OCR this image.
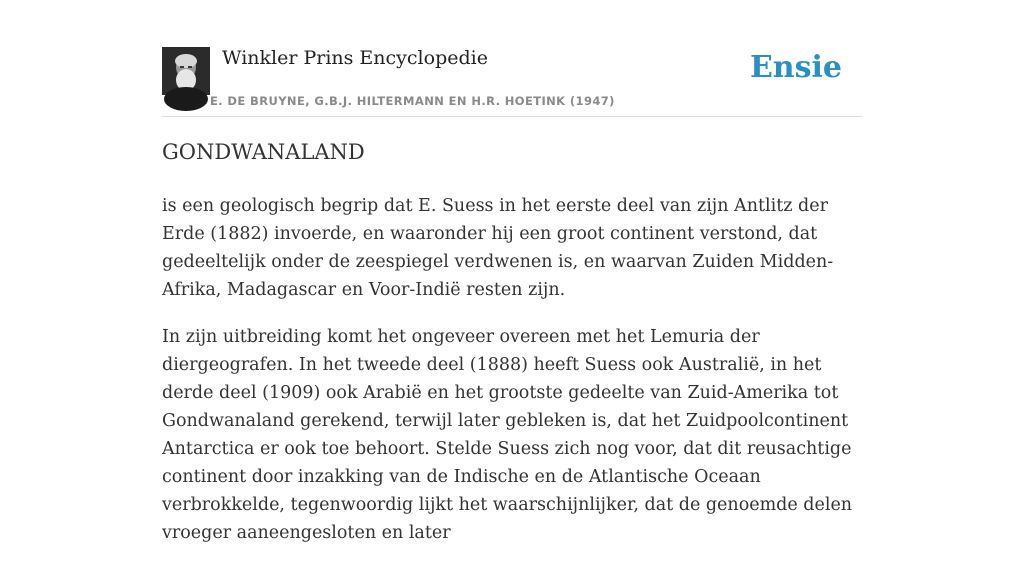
Winkler Prins Encyclopedie
E. DE BRUYNE, G.B.J. HILTERMANN EN H.R. HOETINK (1947)
Ensie
GONDWANALAND

is een geologisch begrip dat E. Suess in het eerste deel van zijn Antlitz der Erde (1882) invoerde, en waaronder hij een groot continent verstond, dat gedeeltelijk onder de zeespiegel verdwenen is, en waarvan Zuiden Midden-Afrika, Madagascar en Voor-Indië resten zijn.

In zijn uitbreiding komt het ongeveer overeen met het Lemuria der diergeografen. In het tweede deel (1888) heeft Suess ook Australië, in het derde deel (1909) ook Arabië en het grootste gedeelte van Zuid-Amerika tot Gondwanaland gerekend, terwijl later gebleken is, dat het Zuidpoolcontinent Antarctica er ook toe behoort. Stelde Suess zich nog voor, dat dit reusachtige continent door inzakking van de Indische en de Atlantische Oceaan verbrokkelde, tegenwoordig lijkt het waarschijnlijker, dat de genoemde delen vroeger aaneengesloten en later
